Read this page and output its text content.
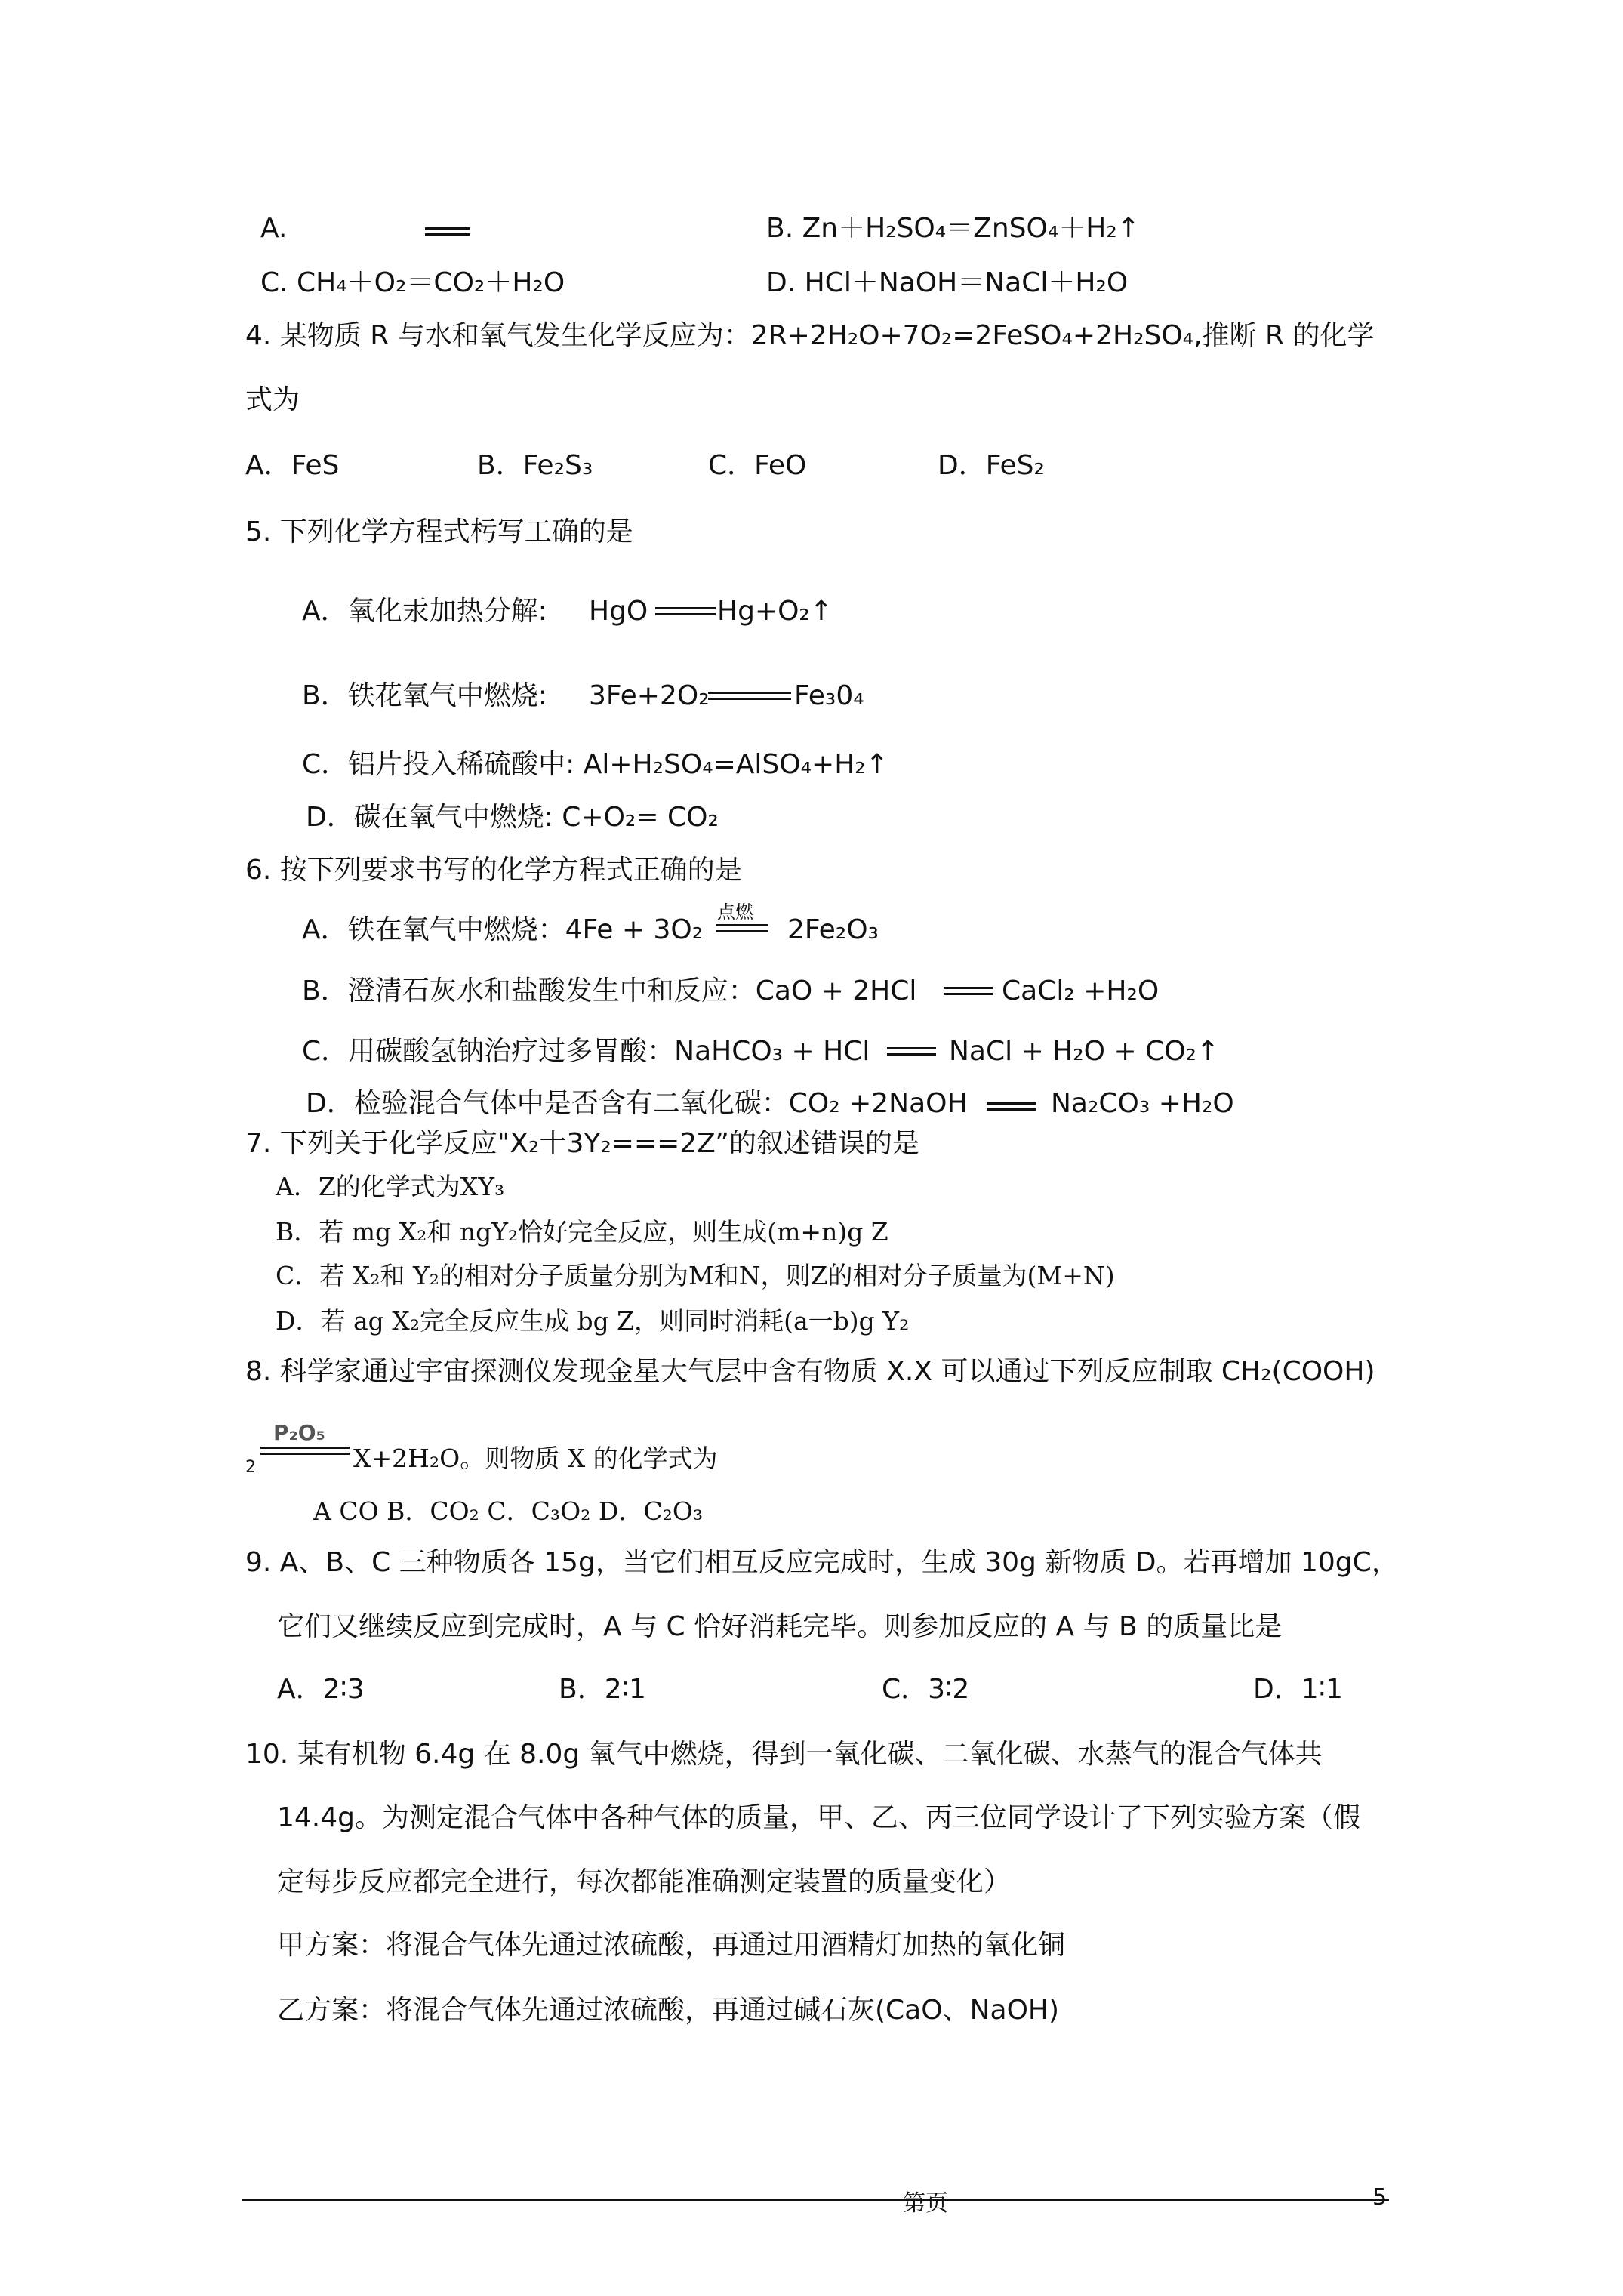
A.	B. Zn＋H₂SO₄＝ZnSO₄＋H₂↑
C. CH₄＋O₂＝CO₂＋H₂O	D. HCl＋NaOH＝NaCl＋H₂O
4. 某物质 R 与水和氧气发生化学反应为：2R+2H₂O+7O₂=2FeSO₄+2H₂SO₄,推断 R 的化学
式为
A．FeS	B．Fe₂S₃	C．FeO	D．FeS₂
5. 下列化学方程式杇写工确的是
A．氧化汞加热分解: HgO	Hg+O₂↑
B．铁花氧气中燃烧: 3Fe+2O₂	Fe₃0₄
C．铝片投入稀硫酸中: Al+H₂SO₄=AlSO₄+H₂↑
D．碳在氧气中燃烧: C+O₂= CO₂
6. 按下列要求书写的化学方程式正确的是
A．铁在氧气中燃烧：4Fe + 3O₂
点燃
2Fe₂O₃
B．澄清石灰水和盐酸发生中和反应：CaO + 2HCl	CaCl₂ +H₂O
C．用碳酸氢钠治疗过多胃酸：NaHCO₃ + HCl	NaCl + H₂O + CO₂↑
D．检验混合气体中是否含有二氧化碳：CO₂ +2NaOH	Na₂CO₃ +H₂O
7. 下列关于化学反应"X₂十3Y₂===2Z”的叙述错误的是
A．Z的化学式为XY₃
B．若 mg X₂和 ngY₂恰好完全反应，则生成(m+n)g Z
C．若 X₂和 Y₂的相对分子质量分别为M和N，则Z的相对分子质量为(M+N)
D．若 ag X₂完全反应生成 bg Z，则同时消耗(a一b)g Y₂
8. 科学家通过宇宙探测仪发现金星大气层中含有物质 X.X 可以通过下列反应制取 CH₂(COOH)
2
P₂O₅
X+2H₂O。则物质 X 的化学式为
A CO B．CO₂ C．C₃O₂ D．C₂O₃
9. A、B、C 三种物质各 15g，当它们相互反应完成时，生成 30g 新物质 D。若再增加 10gC，
它们又继续反应到完成时，A 与 C 恰好消耗完毕。则参加反应的 A 与 B 的质量比是
A．2∶3	B．2∶1	C．3∶2	D．1∶1
10. 某有机物 6.4g 在 8.0g 氧气中燃烧，得到一氧化碳、二氧化碳、水蒸气的混合气体共
14.4g。为测定混合气体中各种气体的质量，甲、乙、丙三位同学设计了下列实验方案（假
定每步反应都完全进行，每次都能准确测定装置的质量变化）
甲方案：将混合气体先通过浓硫酸，再通过用酒精灯加热的氧化铜
乙方案：将混合气体先通过浓硫酸，再通过碱石灰(CaO、NaOH)
第页	5
